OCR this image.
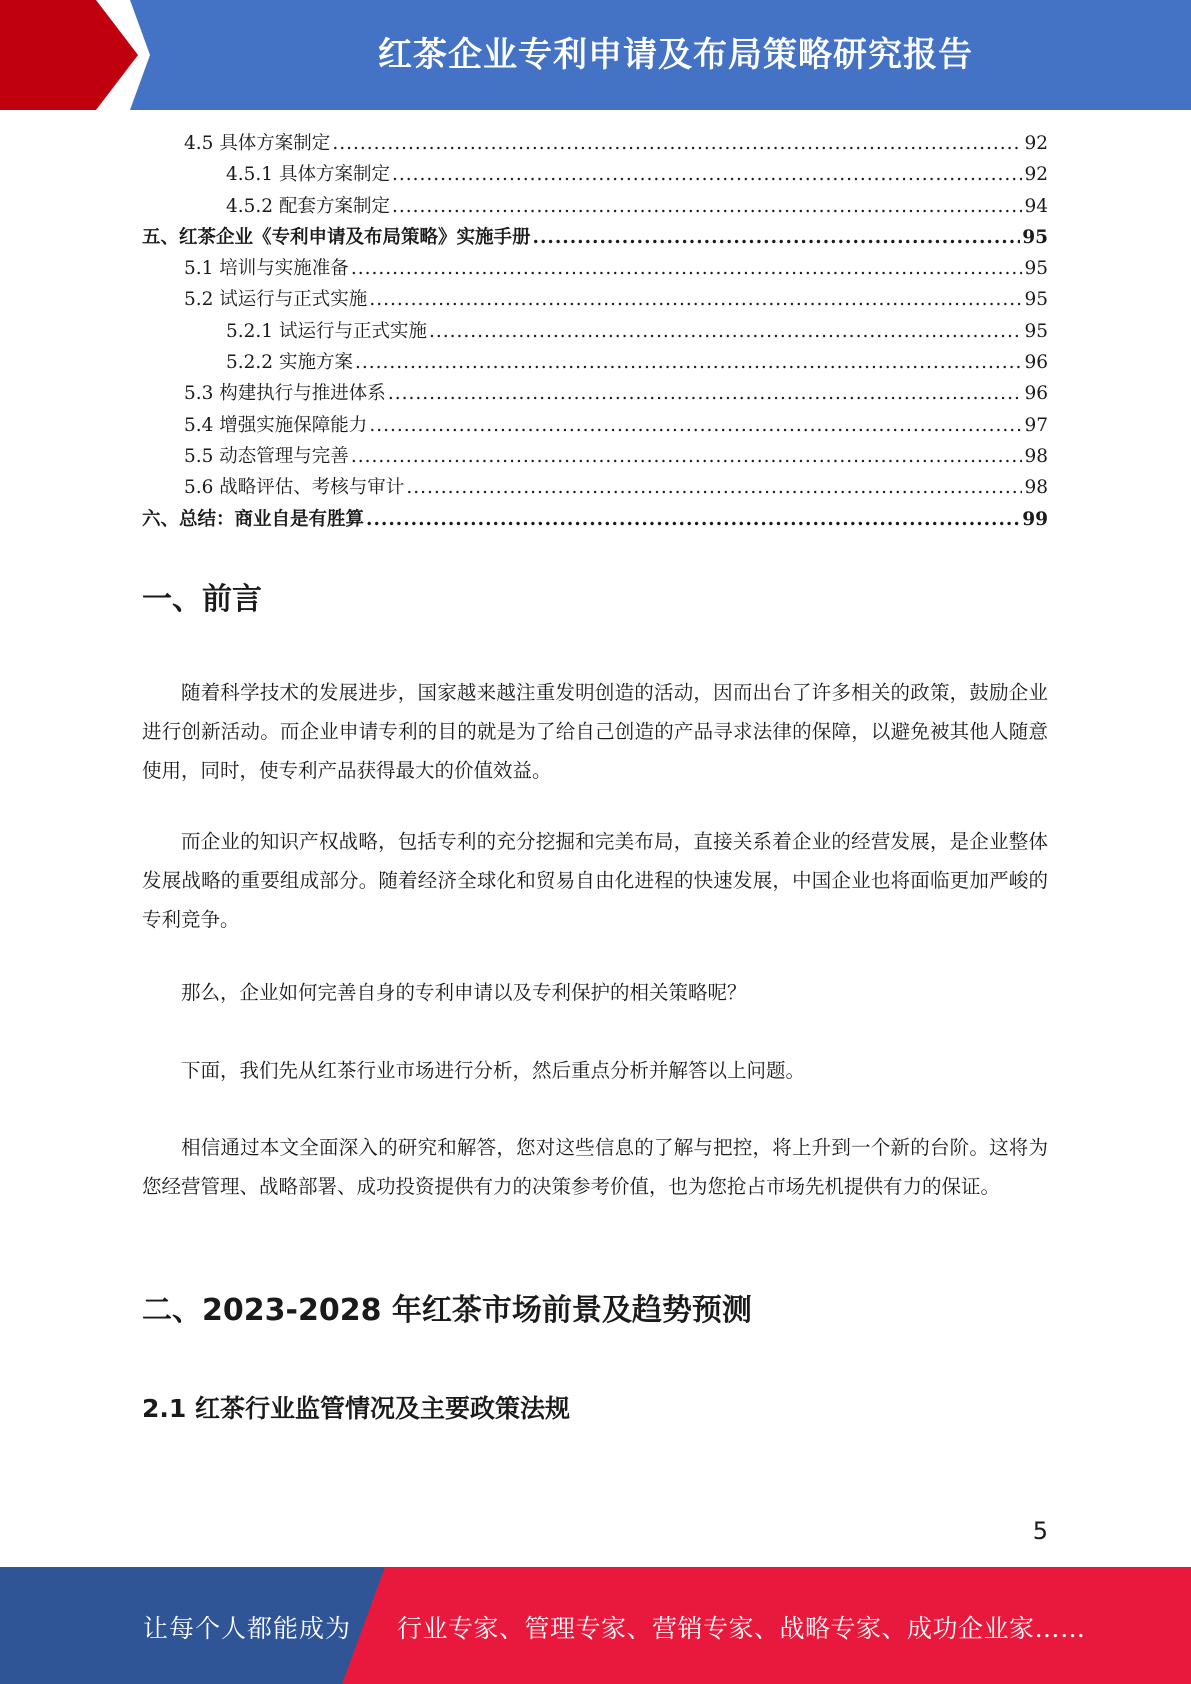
红茶企业专利申请及布局策略研究报告
4.5 具体方案制定 .....	92
4.5.1 具体方案制定 .....	92
4.5.2 配套方案制定 .....	94
五、红茶企业《专利申请及布局策略》实施手册 .....	95
5.1 培训与实施准备 .....	95
5.2 试运行与正式实施 .....	95
5.2.1 试运行与正式实施 .....	95
5.2.2 实施方案 .....	96
5.3 构建执行与推进体系 .....	96
5.4 增强实施保障能力 .....	97
5.5 动态管理与完善 .....	98
5.6 战略评估、考核与审计 .....	98
六、总结：商业自是有胜算 .....	99
一、前言

随着科学技术的发展进步，国家越来越注重发明创造的活动，因而出台了许多相关的政策，鼓励企业进行创新活动。而企业申请专利的目的就是为了给自己创造的产品寻求法律的保障，以避免被其他人随意使用，同时，使专利产品获得最大的价值效益。

而企业的知识产权战略，包括专利的充分挖掘和完美布局，直接关系着企业的经营发展，是企业整体发展战略的重要组成部分。随着经济全球化和贸易自由化进程的快速发展，中国企业也将面临更加严峻的专利竞争。

那么，企业如何完善自身的专利申请以及专利保护的相关策略呢？

下面，我们先从红茶行业市场进行分析，然后重点分析并解答以上问题。

相信通过本文全面深入的研究和解答，您对这些信息的了解与把控，将上升到一个新的台阶。这将为您经营管理、战略部署、成功投资提供有力的决策参考价值，也为您抢占市场先机提供有力的保证。

二、2023-2028 年红茶市场前景及趋势预测
2.1 红茶行业监管情况及主要政策法规
5
让每个人都能成为 行业专家、管理专家、营销专家、战略专家、成功企业家……
